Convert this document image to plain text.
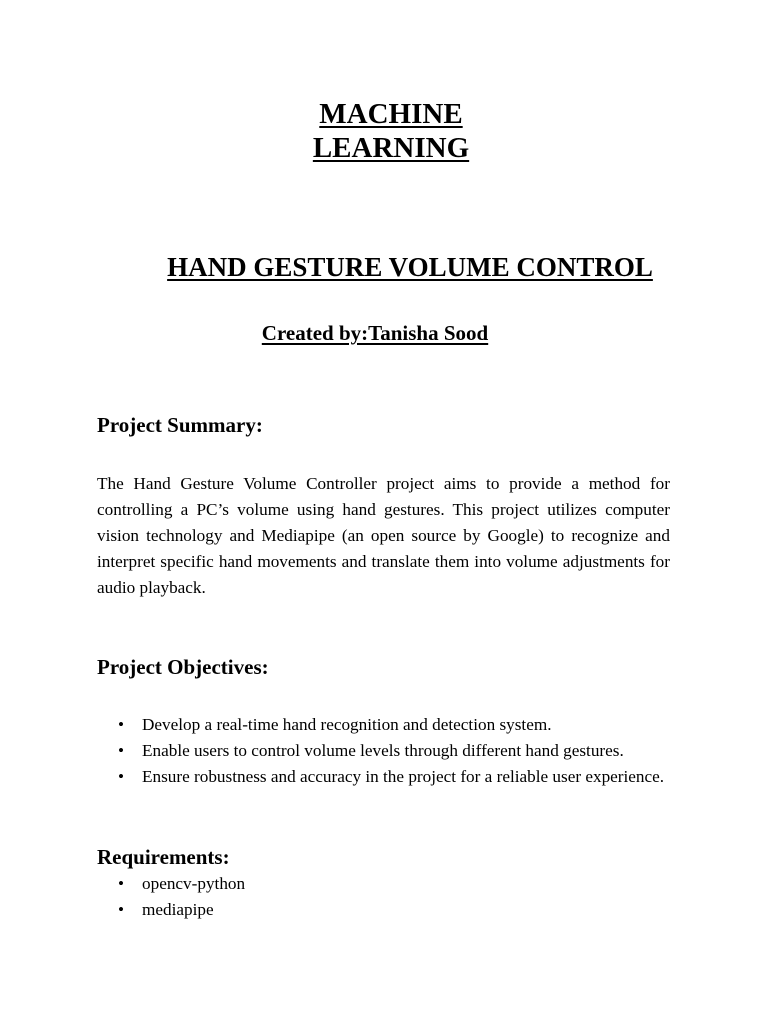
MACHINE
LEARNING
HAND GESTURE VOLUME CONTROL
Created by:Tanisha Sood
Project Summary:

The Hand Gesture Volume Controller project aims to provide a method for controlling a PC’s volume using hand gestures. This project utilizes computer vision technology and Mediapipe (an open source by Google) to recognize and interpret specific hand movements and translate them into volume adjustments for audio playback.

Project Objectives:
• Develop a real-time hand recognition and detection system.
• Enable users to control volume levels through different hand gestures.
• Ensure robustness and accuracy in the project for a reliable user experience.
Requirements:
• opencv-python
• mediapipe
